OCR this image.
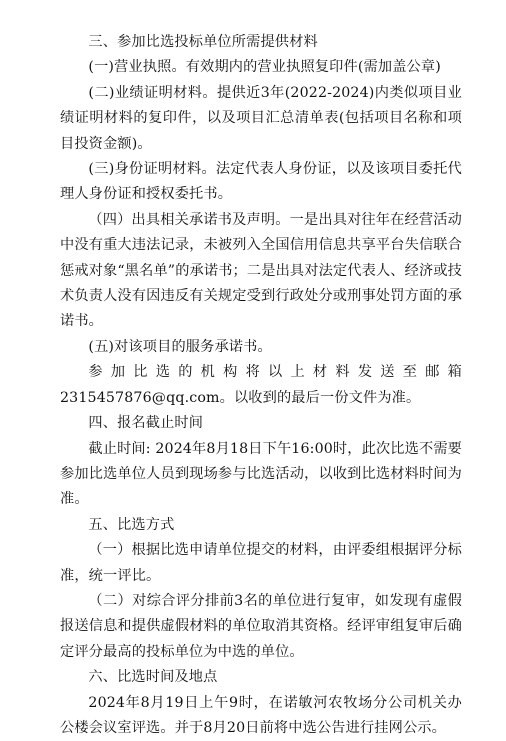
三、参加比选投标单位所需提供材料

(一)营业执照。有效期内的营业执照复印件(需加盖公章)

(二)业绩证明材料。提供近3年(2022-2024)内类似项目业绩证明材料的复印件，以及项目汇总清单表(包括项目名称和项目投资金额)。

(三)身份证明材料。法定代表人身份证，以及该项目委托代理人身份证和授权委托书。

（四）出具相关承诺书及声明。一是出具对往年在经营活动中没有重大违法记录，未被列入全国信用信息共享平台失信联合惩戒对象“黑名单”的承诺书；二是出具对法定代表人、经济或技术负责人没有因违反有关规定受到行政处分或刑事处罚方面的承诺书。

(五)对该项目的服务承诺书。

参加比选的机构将以上材料发送至邮箱2315457876@qq.com。以收到的最后一份文件为准。

四、报名截止时间

截止时间: 2024年8月18日下午16:00时，此次比选不需要参加比选单位人员到现场参与比选活动，以收到比选材料时间为准。

五、比选方式

（一）根据比选申请单位提交的材料，由评委组根据评分标准，统一评比。

（二）对综合评分排前3名的单位进行复审，如发现有虚假报送信息和提供虚假材料的单位取消其资格。经评审组复审后确定评分最高的投标单位为中选的单位。

六、比选时间及地点

2024年8月19日上午9时，在诺敏河农牧场分公司机关办公楼会议室评选。并于8月20日前将中选公告进行挂网公示。
